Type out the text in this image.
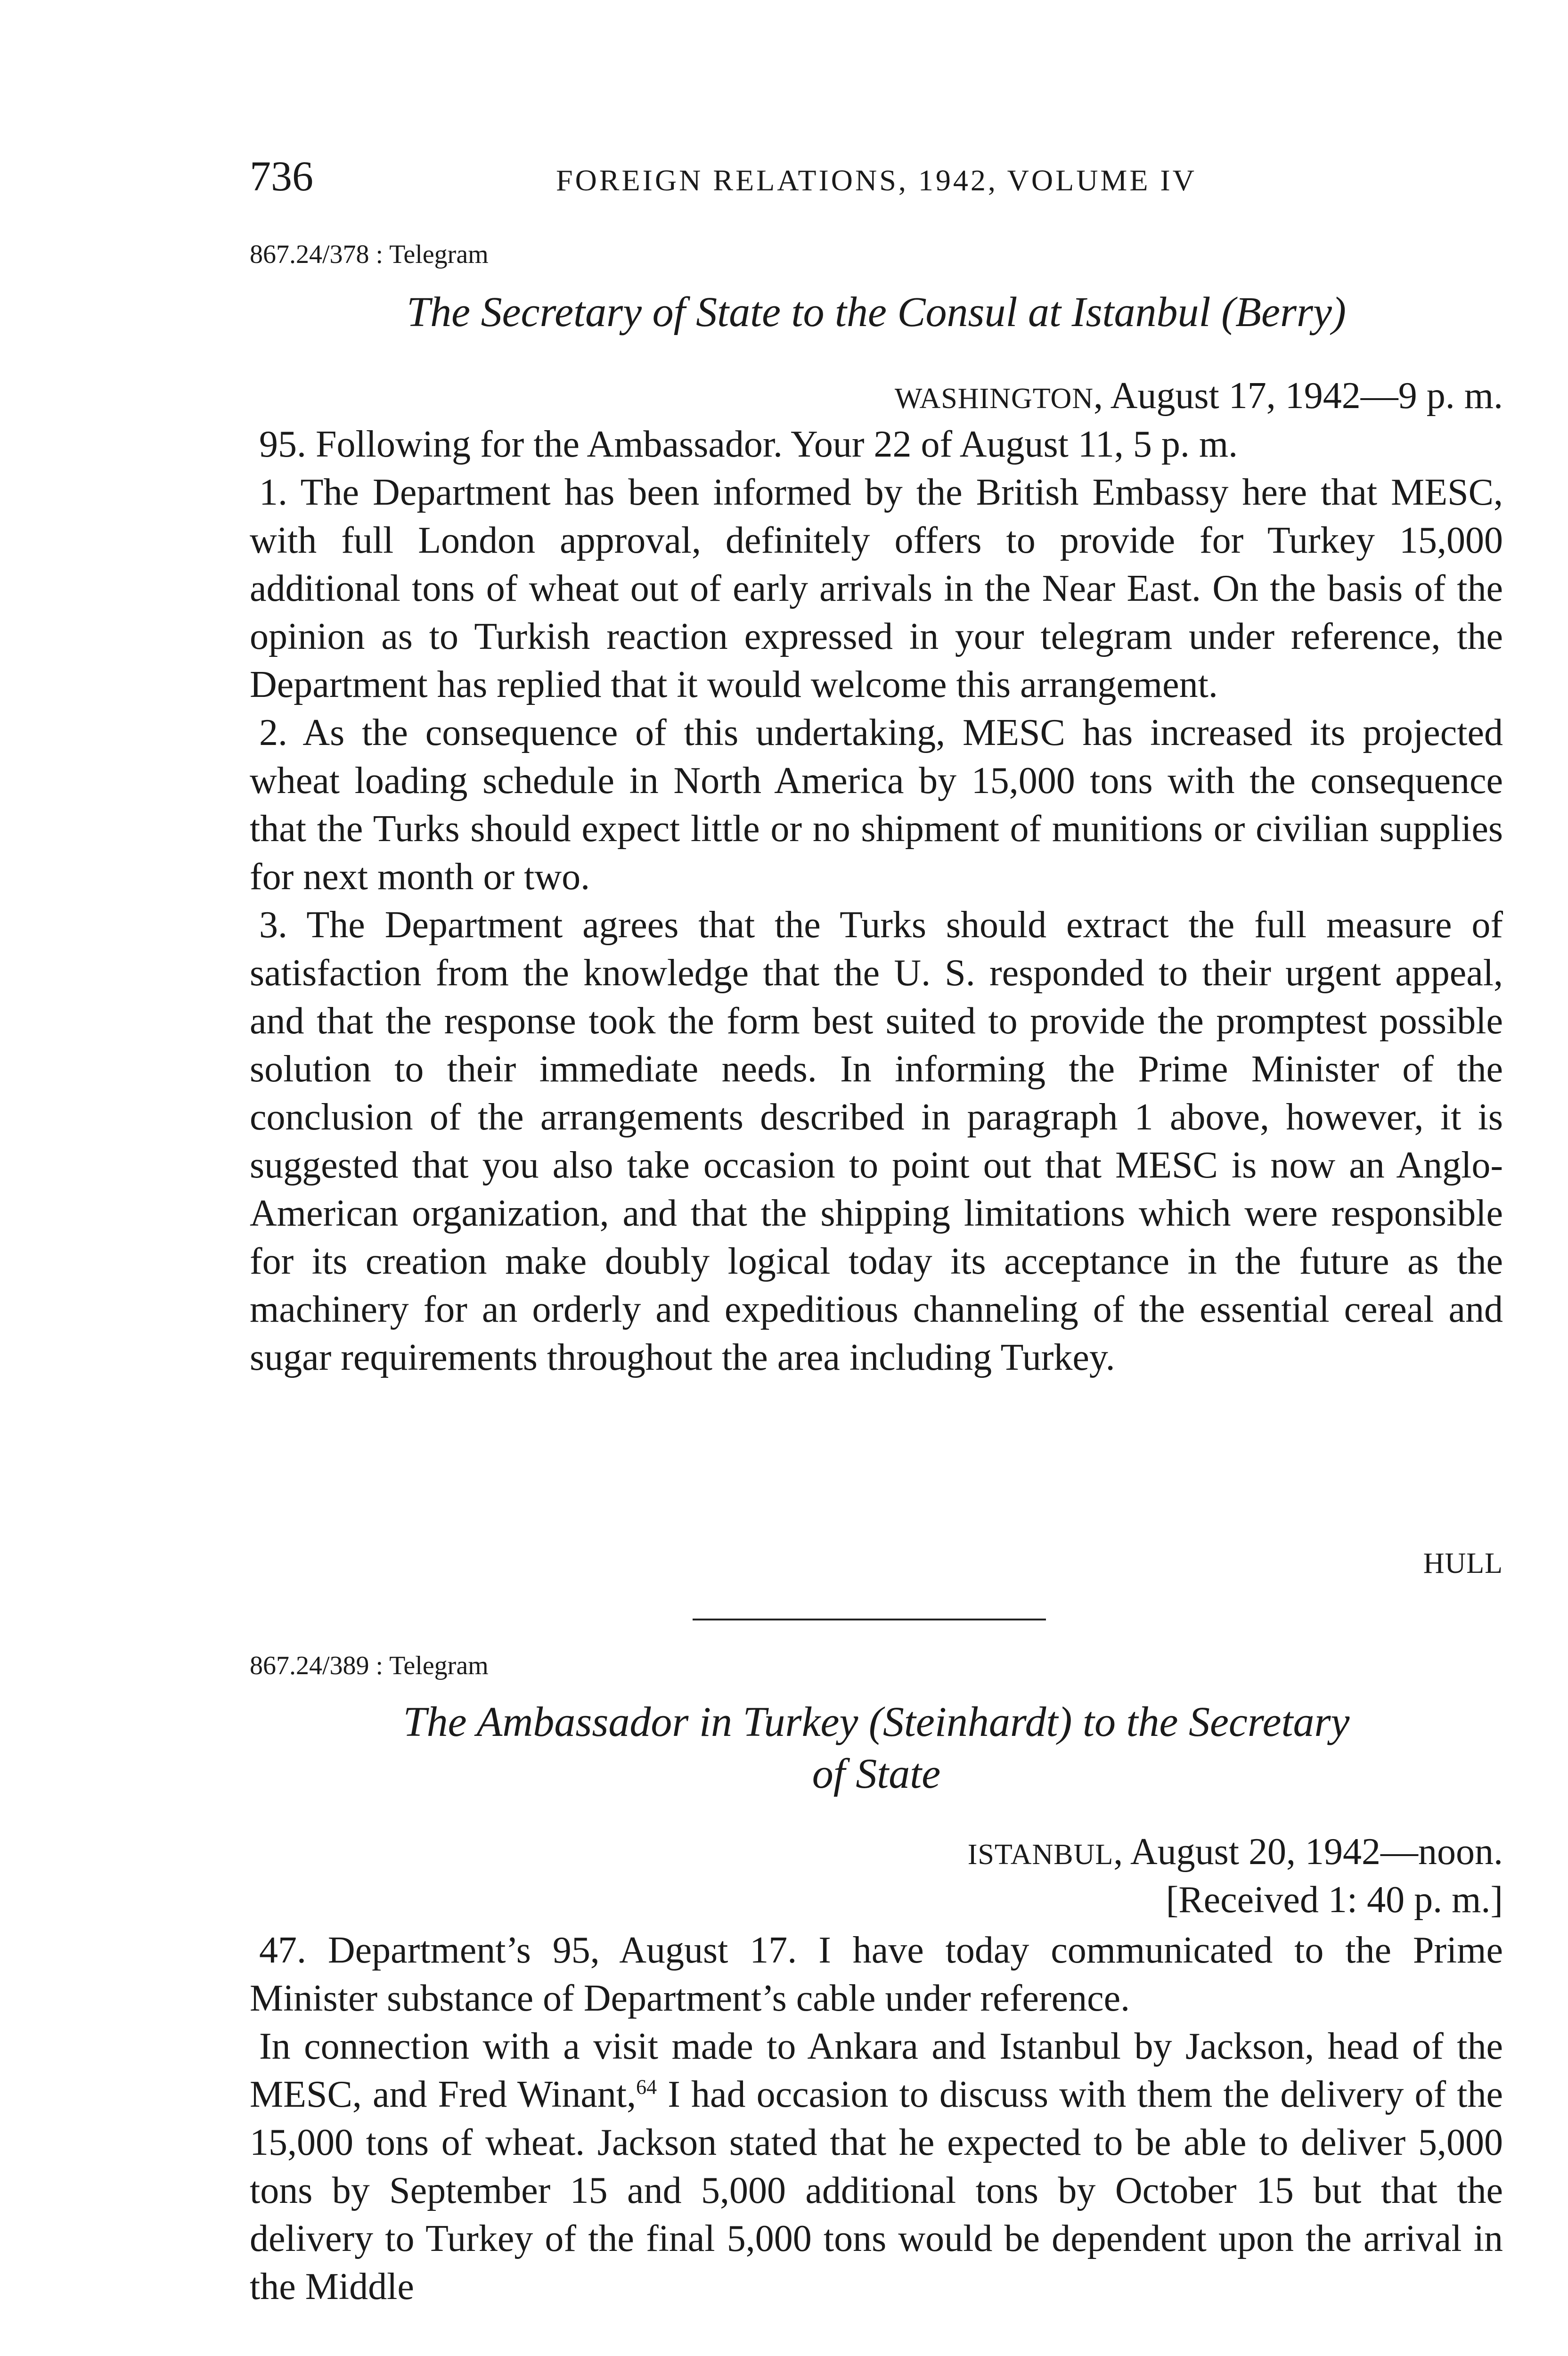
736	FOREIGN RELATIONS, 1942, VOLUME IV
867.24/378 : Telegram
The Secretary of State to the Consul at Istanbul (Berry)
WASHINGTON, August 17, 1942—9 p. m.

95. Following for the Ambassador. Your 22 of August 11, 5 p. m.

1. The Department has been informed by the British Embassy here that MESC, with full London approval, definitely offers to provide for Turkey 15,000 additional tons of wheat out of early arrivals in the Near East. On the basis of the opinion as to Turkish reaction expressed in your telegram under reference, the Department has replied that it would welcome this arrangement.

2. As the consequence of this undertaking, MESC has increased its projected wheat loading schedule in North America by 15,000 tons with the consequence that the Turks should expect little or no shipment of munitions or civilian supplies for next month or two.

3. The Department agrees that the Turks should extract the full measure of satisfaction from the knowledge that the U. S. responded to their urgent appeal, and that the response took the form best suited to provide the promptest possible solution to their immediate needs. In informing the Prime Minister of the conclusion of the arrangements described in paragraph 1 above, however, it is suggested that you also take occasion to point out that MESC is now an Anglo-American organization, and that the shipping limitations which were responsible for its creation make doubly logical today its acceptance in the future as the machinery for an orderly and expeditious channeling of the essential cereal and sugar requirements throughout the area including Turkey.

HULL
867.24/389 : Telegram
The Ambassador in Turkey (Steinhardt) to the Secretary
of State
ISTANBUL, August 20, 1942—noon.
[Received 1: 40 p. m.]

47. Department’s 95, August 17. I have today communicated to the Prime Minister substance of Department’s cable under reference.

In connection with a visit made to Ankara and Istanbul by Jackson, head of the MESC, and Fred Winant,$^{64}$ I had occasion to discuss with them the delivery of the 15,000 tons of wheat. Jackson stated that he expected to be able to deliver 5,000 tons by September 15 and 5,000 additional tons by October 15 but that the delivery to Turkey of the final 5,000 tons would be dependent upon the arrival in the Middle
